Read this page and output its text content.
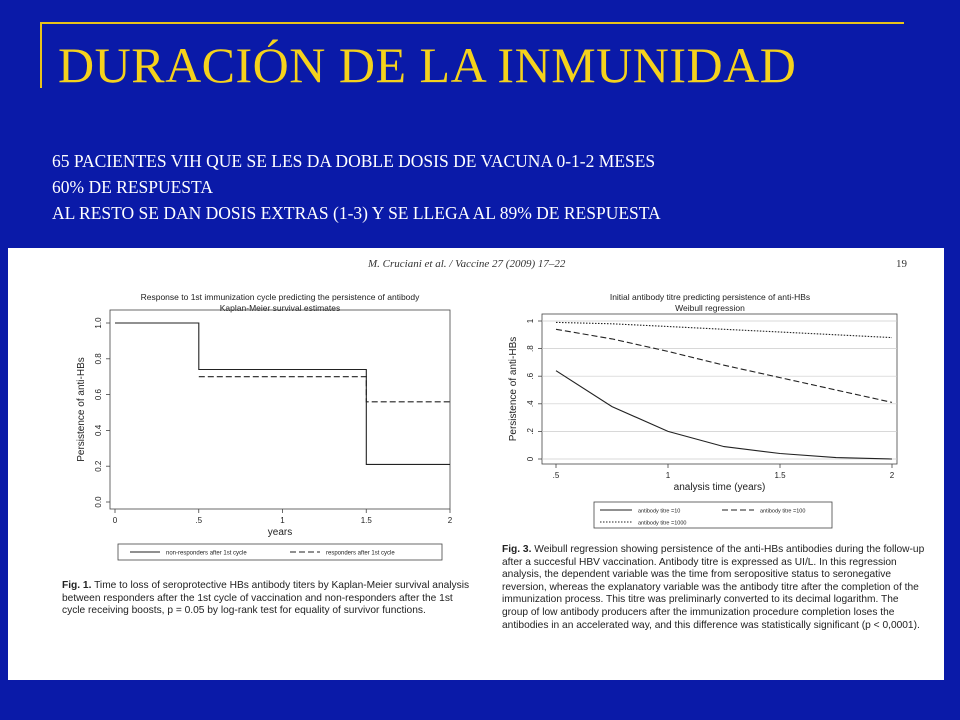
DURACIÓN DE LA INMUNIDAD
65 PACIENTES VIH QUE SE LES DA DOBLE DOSIS DE VACUNA 0-1-2 MESES
60% DE RESPUESTA
AL RESTO SE DAN DOSIS EXTRAS (1-3) Y SE LLEGA AL 89% DE RESPUESTA
M. Cruciani et al. / Vaccine 27 (2009) 17–22	19
Response to 1st immunization cycle predicting the persistence of antibody
Kaplan-Meier survival estimates
0.0
0.2
0.4
0.6
0.8
1.0
0	.5	1	1.5	2
years
Persistence of anti-HBs
non-responders after 1st cycle	responders after 1st cycle
Initial antibody titre predicting persistence of anti-HBs
Weibull regression
0
.2
.4
.6
.8
1
.5	1	1.5	2
analysis time (years)
Persistence of anti-HBs
antibody titre =10	antibody titre =100
antibody titre =1000
Fig. 1. Time to loss of seroprotective HBs antibody titers by Kaplan-Meier survival analysis between responders after the 1st cycle of vaccination and non-responders after the 1st cycle receiving boosts, p = 0.05 by log-rank test for equality of survivor functions.
Fig. 3. Weibull regression showing persistence of the anti-HBs antibodies during the follow-up after a succesful HBV vaccination. Antibody titre is expressed as UI/L. In this regression analysis, the dependent variable was the time from seropositive status to seronegative reversion, whereas the explanatory variable was the antibody titre after the completion of the immunization process. This titre was preliminarly converted to its decimal logarithm. The group of low antibody producers after the immunization procedure completion loses the antibodies in an accelerated way, and this difference was statistically significant (p < 0,0001).
